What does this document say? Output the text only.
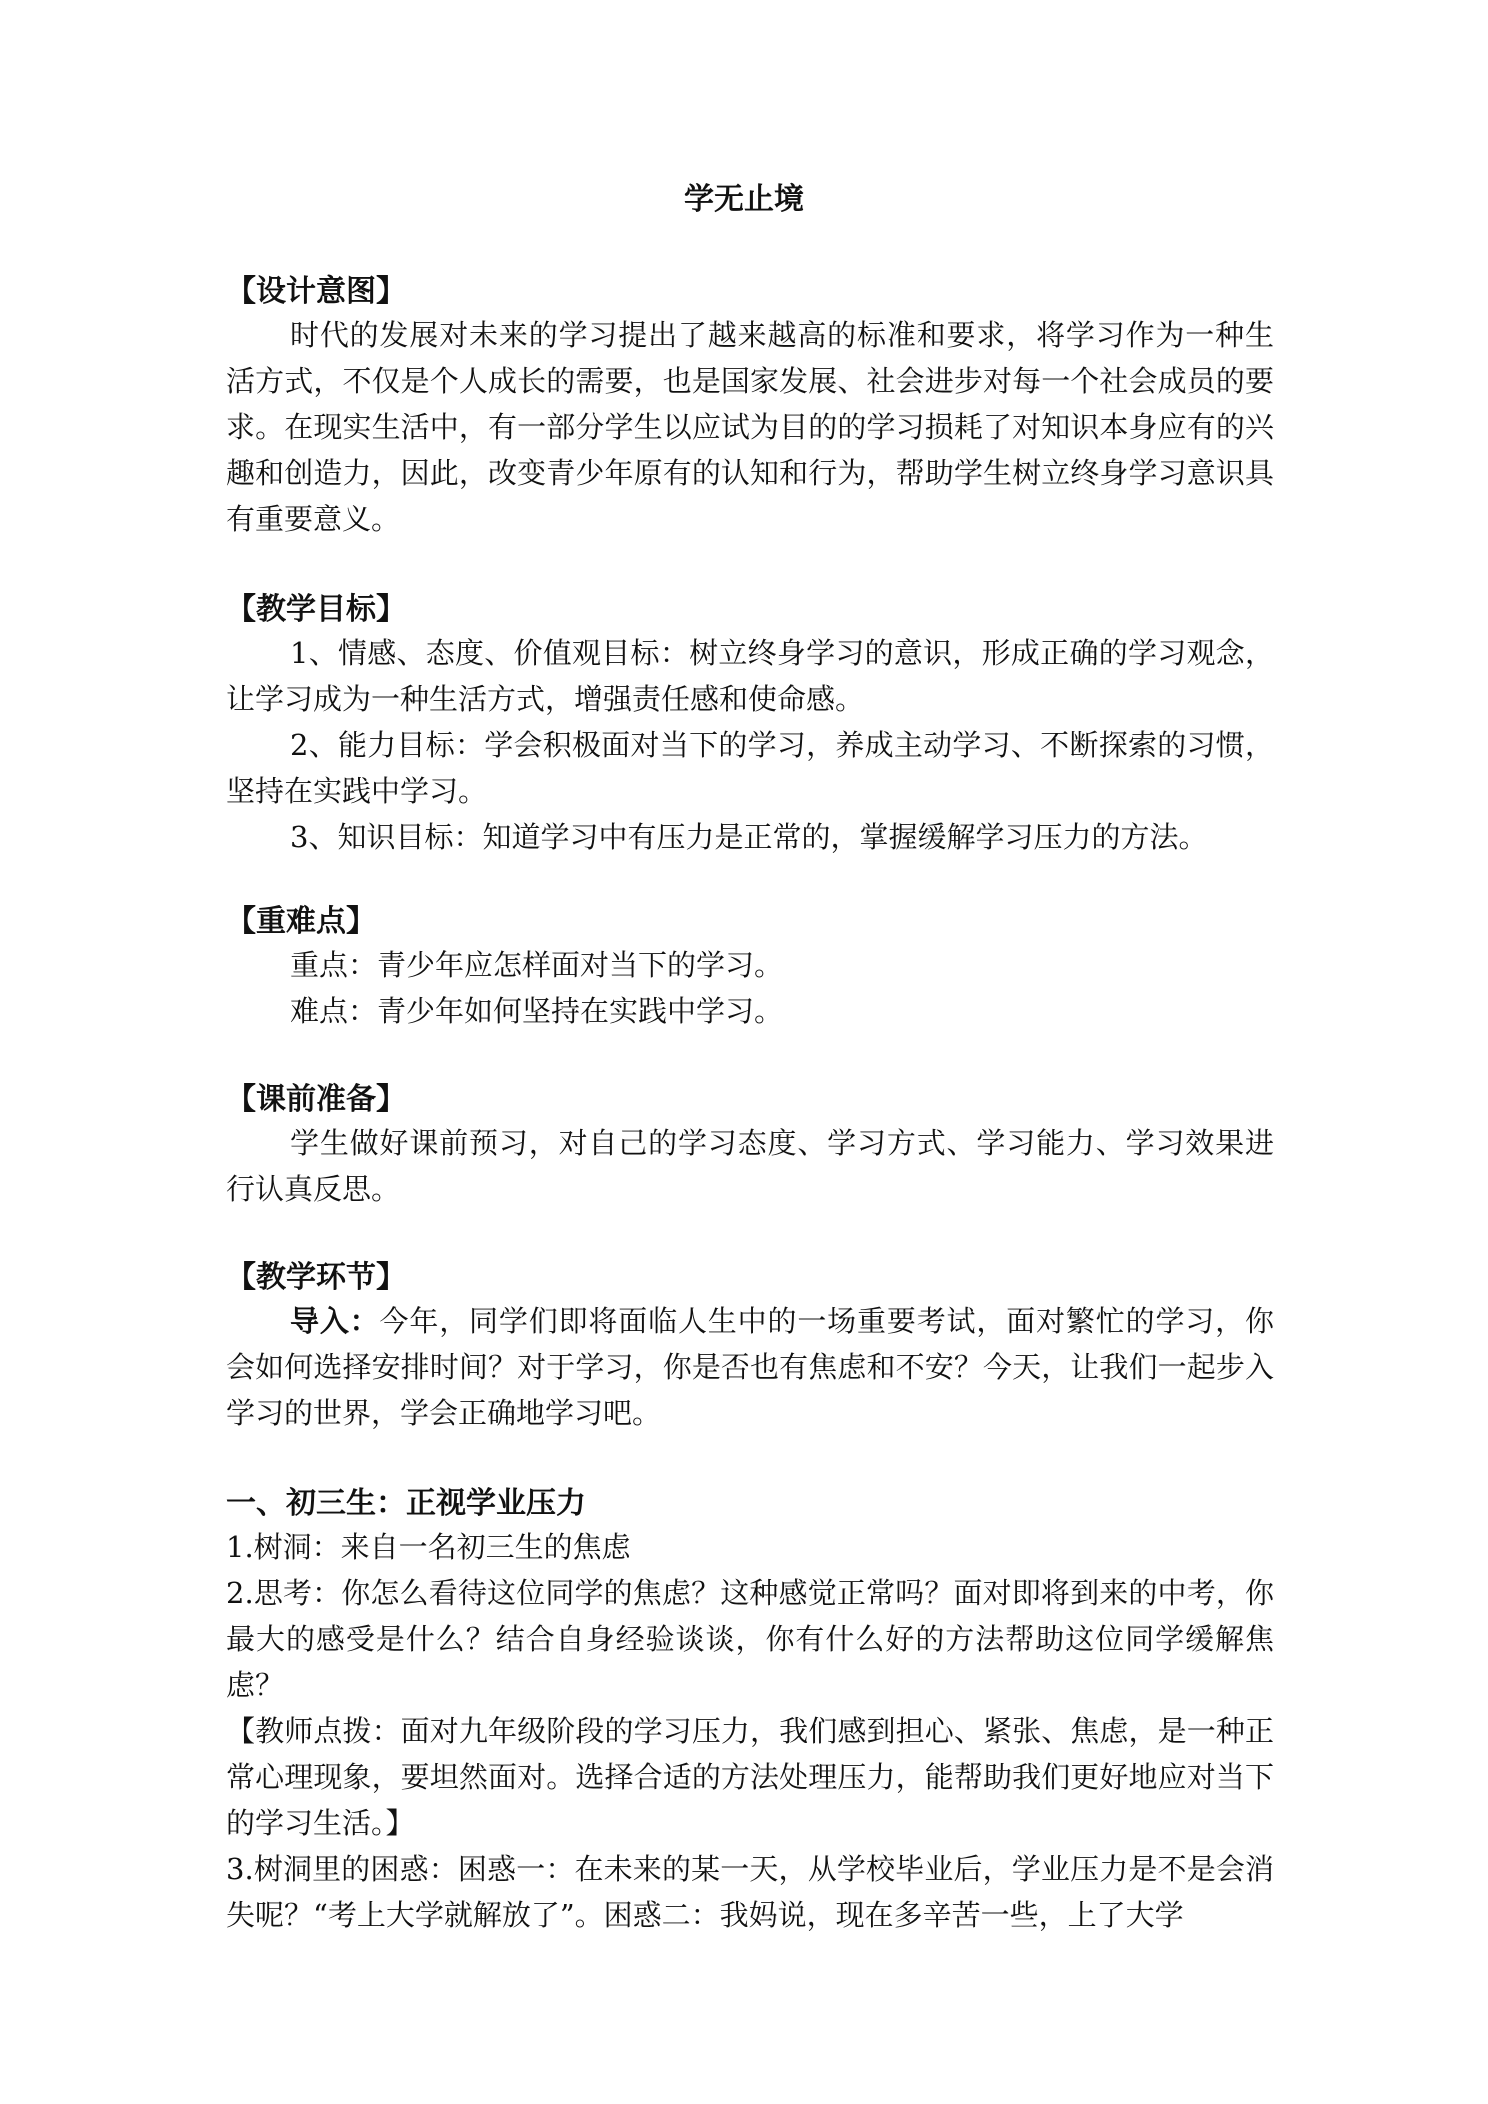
学无止境
【设计意图】

时代的发展对未来的学习提出了越来越高的标准和要求，将学习作为一种生活方式，不仅是个人成长的需要，也是国家发展、社会进步对每一个社会成员的要求。在现实生活中，有一部分学生以应试为目的的学习损耗了对知识本身应有的兴趣和创造力，因此，改变青少年原有的认知和行为，帮助学生树立终身学习意识具有重要意义。

【教学目标】

1、情感、态度、价值观目标：树立终身学习的意识，形成正确的学习观念，让学习成为一种生活方式，增强责任感和使命感。

2、能力目标：学会积极面对当下的学习，养成主动学习、不断探索的习惯，坚持在实践中学习。

3、知识目标：知道学习中有压力是正常的，掌握缓解学习压力的方法。

【重难点】

重点：青少年应怎样面对当下的学习。

难点：青少年如何坚持在实践中学习。

【课前准备】

学生做好课前预习，对自己的学习态度、学习方式、学习能力、学习效果进行认真反思。

【教学环节】

导入：今年，同学们即将面临人生中的一场重要考试，面对繁忙的学习，你会如何选择安排时间？对于学习，你是否也有焦虑和不安？今天，让我们一起步入学习的世界，学会正确地学习吧。

一、初三生：正视学业压力

1.树洞：来自一名初三生的焦虑

2.思考：你怎么看待这位同学的焦虑？这种感觉正常吗？面对即将到来的中考，你最大的感受是什么？结合自身经验谈谈，你有什么好的方法帮助这位同学缓解焦虑？

【教师点拨：面对九年级阶段的学习压力，我们感到担心、紧张、焦虑，是一种正常心理现象，要坦然面对。选择合适的方法处理压力，能帮助我们更好地应对当下的学习生活。】

3.树洞里的困惑：困惑一：在未来的某一天，从学校毕业后，学业压力是不是会消失呢？“考上大学就解放了”。困惑二：我妈说，现在多辛苦一些，上了大学
